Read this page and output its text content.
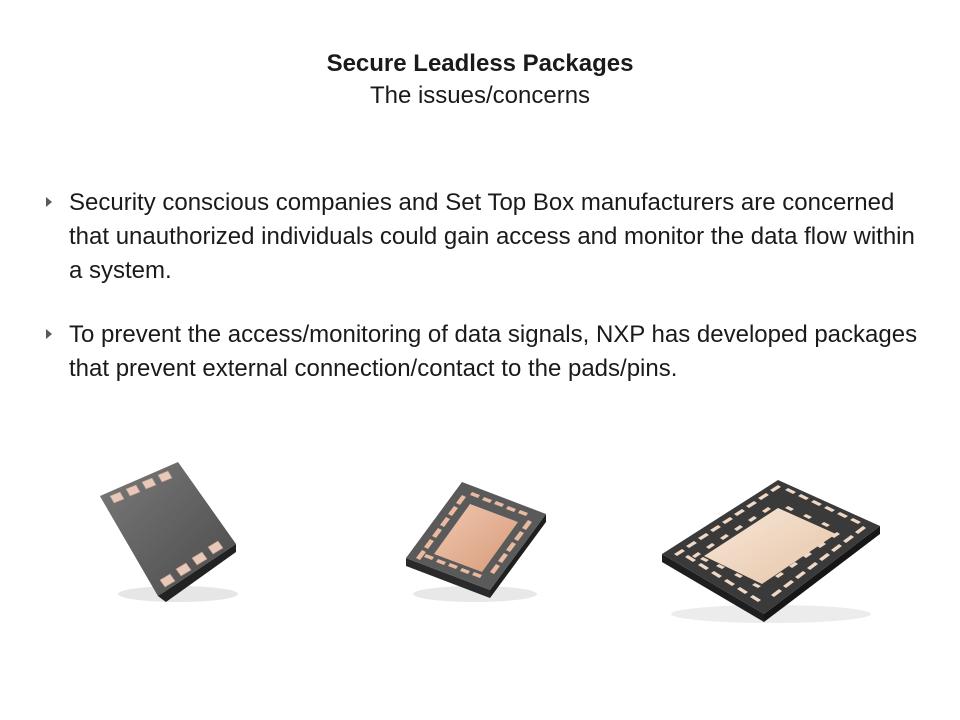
Secure Leadless Packages
The issues/concerns
Security conscious companies and Set Top Box manufacturers are concerned that unauthorized individuals could gain access and monitor the data flow within a system.
To prevent the access/monitoring of data signals, NXP has developed packages that prevent external connection/contact to the pads/pins.
